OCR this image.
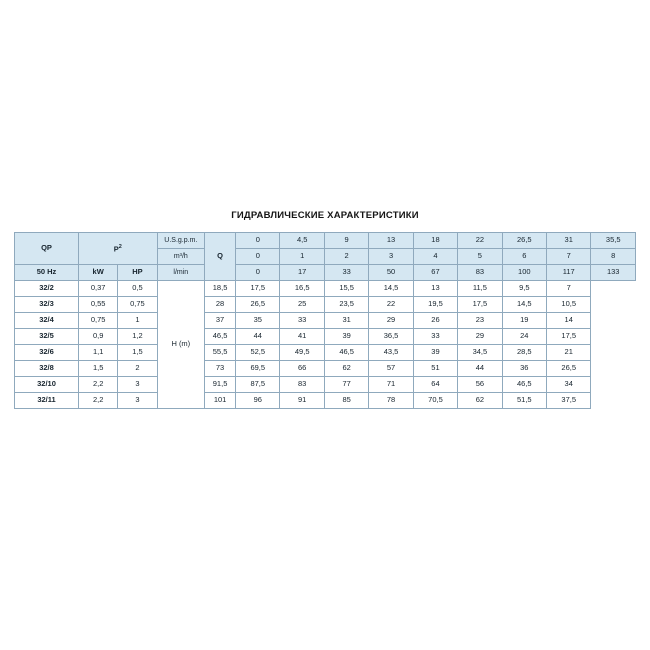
ГИДРАВЛИЧЕСКИЕ ХАРАКТЕРИСТИКИ
QP	$P^2$		U.S.g.p.m.	Q	0	4,5	9	13	18	22	26,5	31	35,5
			m³/h		0	1	2	3	4	5	6	7	8
50 Hz	kW	HP	l/min		0	17	33	50	67	83	100	117	133
32/2	0,37	0,5	H (m)	18,5	17,5	16,5	15,5	14,5	13	11,5	9,5	7	
32/3	0,55	0,75		28	26,5	25	23,5	22	19,5	17,5	14,5	10,5	
32/4	0,75	1		37	35	33	31	29	26	23	19	14	
32/5	0,9	1,2		46,5	44	41	39	36,5	33	29	24	17,5	
32/6	1,1	1,5		55,5	52,5	49,5	46,5	43,5	39	34,5	28,5	21	
32/8	1,5	2		73	69,5	66	62	57	51	44	36	26,5	
32/10	2,2	3		91,5	87,5	83	77	71	64	56	46,5	34	
32/11	2,2	3		101	96	91	85	78	70,5	62	51,5	37,5	
